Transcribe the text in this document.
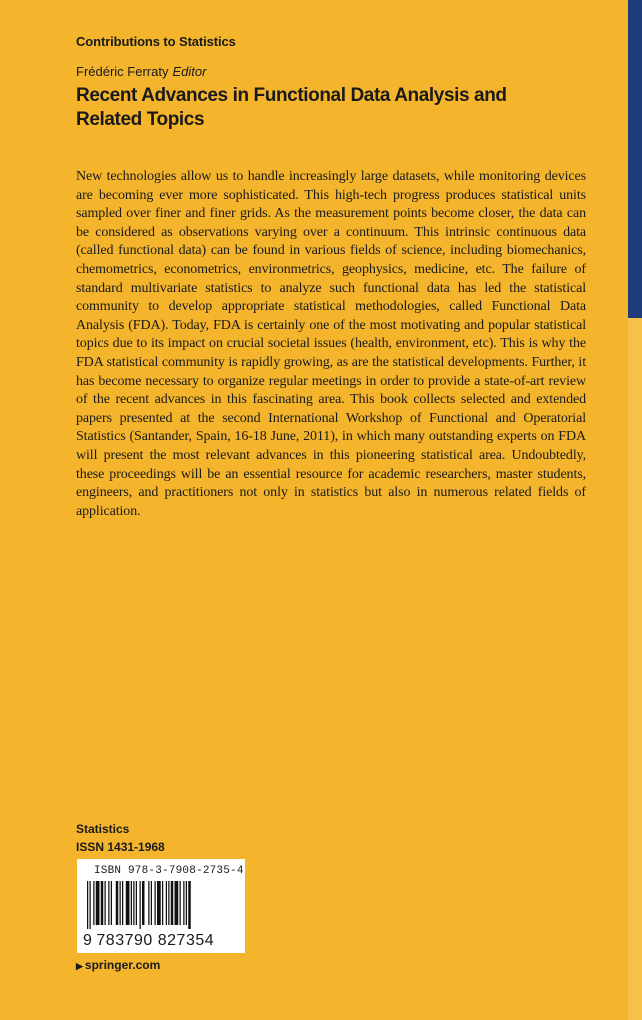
Contributions to Statistics
Frédéric Ferraty Editor
Recent Advances in Functional Data Analysis and Related Topics
New technologies allow us to handle increasingly large datasets, while monitoring devices are becoming ever more sophisticated. This high-tech progress produces statistical units sampled over finer and finer grids. As the measurement points become closer, the data can be considered as observations varying over a continuum. This intrinsic continuous data (called functional data) can be found in various fields of science, including biomechanics, chemometrics, econometrics, environmetrics, geophysics, medicine, etc. The failure of standard multivariate statistics to analyze such functional data has led the statistical community to develop appropriate statistical methodologies, called Functional Data Analysis (FDA). Today, FDA is certainly one of the most motivating and popular statistical topics due to its impact on crucial societal issues (health, environment, etc). This is why the FDA statistical community is rapidly growing, as are the statistical developments. Further, it has become necessary to organize regular meetings in order to provide a state-of-art review of the recent advances in this fascinating area. This book collects selected and extended papers presented at the second International Workshop of Functional and Operatorial Statistics (Santander, Spain, 16-18 June, 2011), in which many outstanding experts on FDA will present the most relevant advances in this pioneering statistical area. Undoubtedly, these proceedings will be an essential resource for academic researchers, master students, engineers, and practitioners not only in statistics but also in numerous related fields of application.
Statistics
ISSN 1431-1968
ISBN 978-3-7908-2735-4
9 783790 827354
▶ springer.com
